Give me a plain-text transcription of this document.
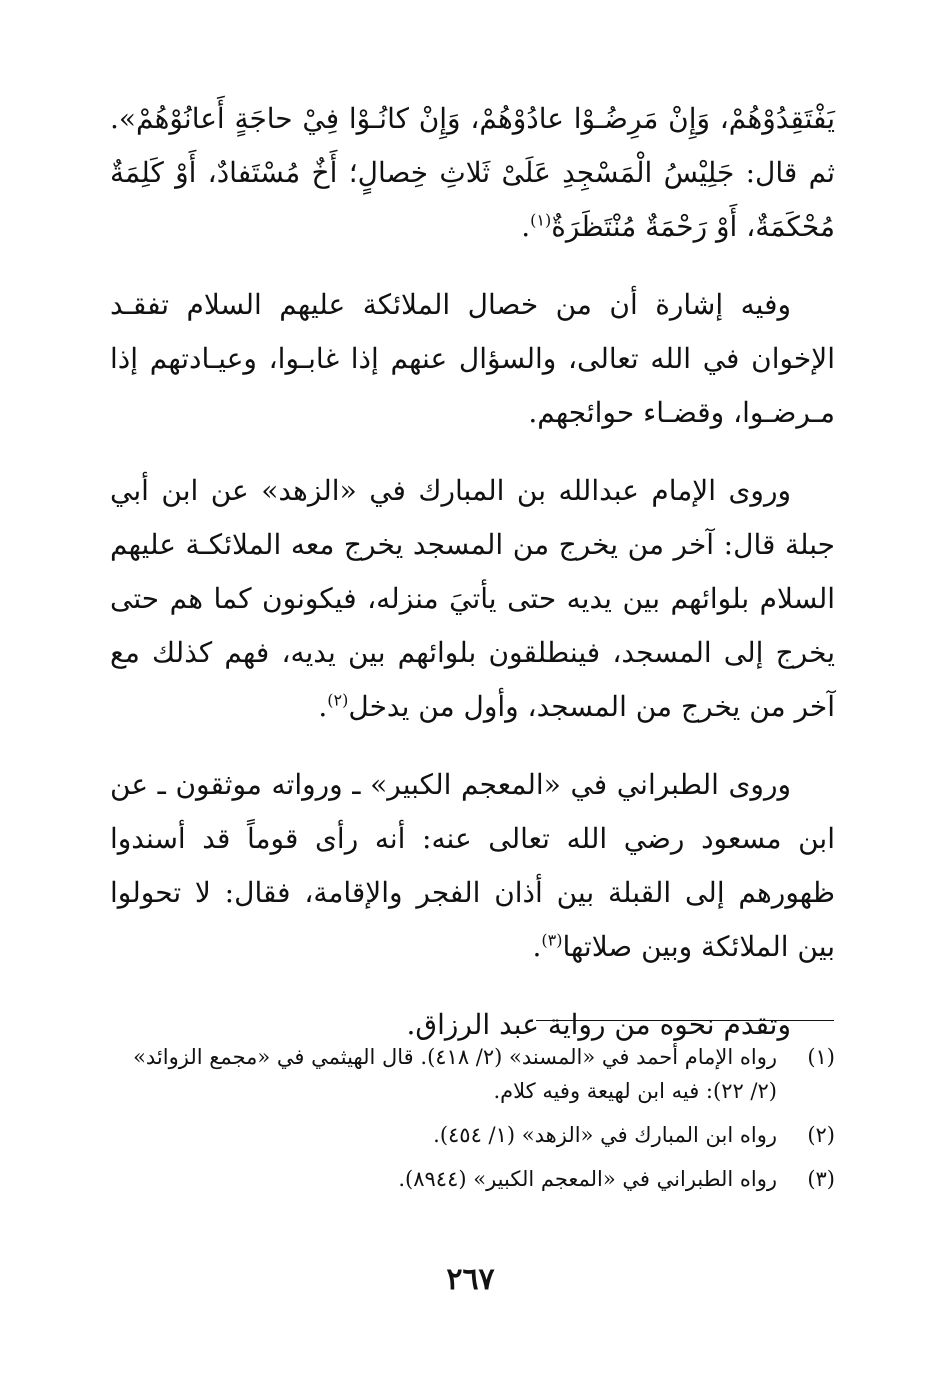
يَفْتَقِدُوْهُمْ، وَإِنْ مَرِضُـوْا عادُوْهُمْ، وَإِنْ كانُـوْا فِيْ حاجَةٍ أَعانُوْهُمْ». ثم قال: جَلِيْسُ الْمَسْجِدِ عَلَىْ ثَلاثِ خِصالٍ؛ أَخٌ مُسْتَفادٌ، أَوْ كَلِمَةٌ مُحْكَمَةٌ، أَوْ رَحْمَةٌ مُنْتَظَرَةٌ$^{(١)}$.

وفيه إشارة أن من خصال الملائكة عليهم السلام تفقـد الإخوان في الله تعالى، والسؤال عنهم إذا غابـوا، وعيـادتهم إذا مـرضـوا، وقضـاء حوائجهم.

وروى الإمام عبدالله بن المبارك في «الزهد» عن ابن أبي جبلة قال: آخر من يخرج من المسجد يخرج معه الملائكـة عليهم السلام بلوائهم بين يديه حتى يأتيَ منزله، فيكونون كما هم حتى يخرج إلى المسجد، فينطلقون بلوائهم بين يديه، فهم كذلك مع آخر من يخرج من المسجد، وأول من يدخل$^{(٢)}$.

وروى الطبراني في «المعجم الكبير» ـ ورواته موثقون ـ عن ابن مسعود رضي الله تعالى عنه: أنه رأى قوماً قد أسندوا ظهورهم إلى القبلة بين أذان الفجر والإقامة، فقال: لا تحولوا بين الملائكة وبين صلاتها$^{(٣)}$.

وتقدم نحوه من رواية عبد الرزاق.

(١)
رواه الإمام أحمد في «المسند» (٢/ ٤١٨). قال الهيثمي في «مجمع الزوائد» (٢/ ٢٢): فيه ابن لهيعة وفيه كلام.
(٢)
رواه ابن المبارك في «الزهد» (١/ ٤٥٤).
(٣)
رواه الطبراني في «المعجم الكبير» (٨٩٤٤).
٢٦٧
